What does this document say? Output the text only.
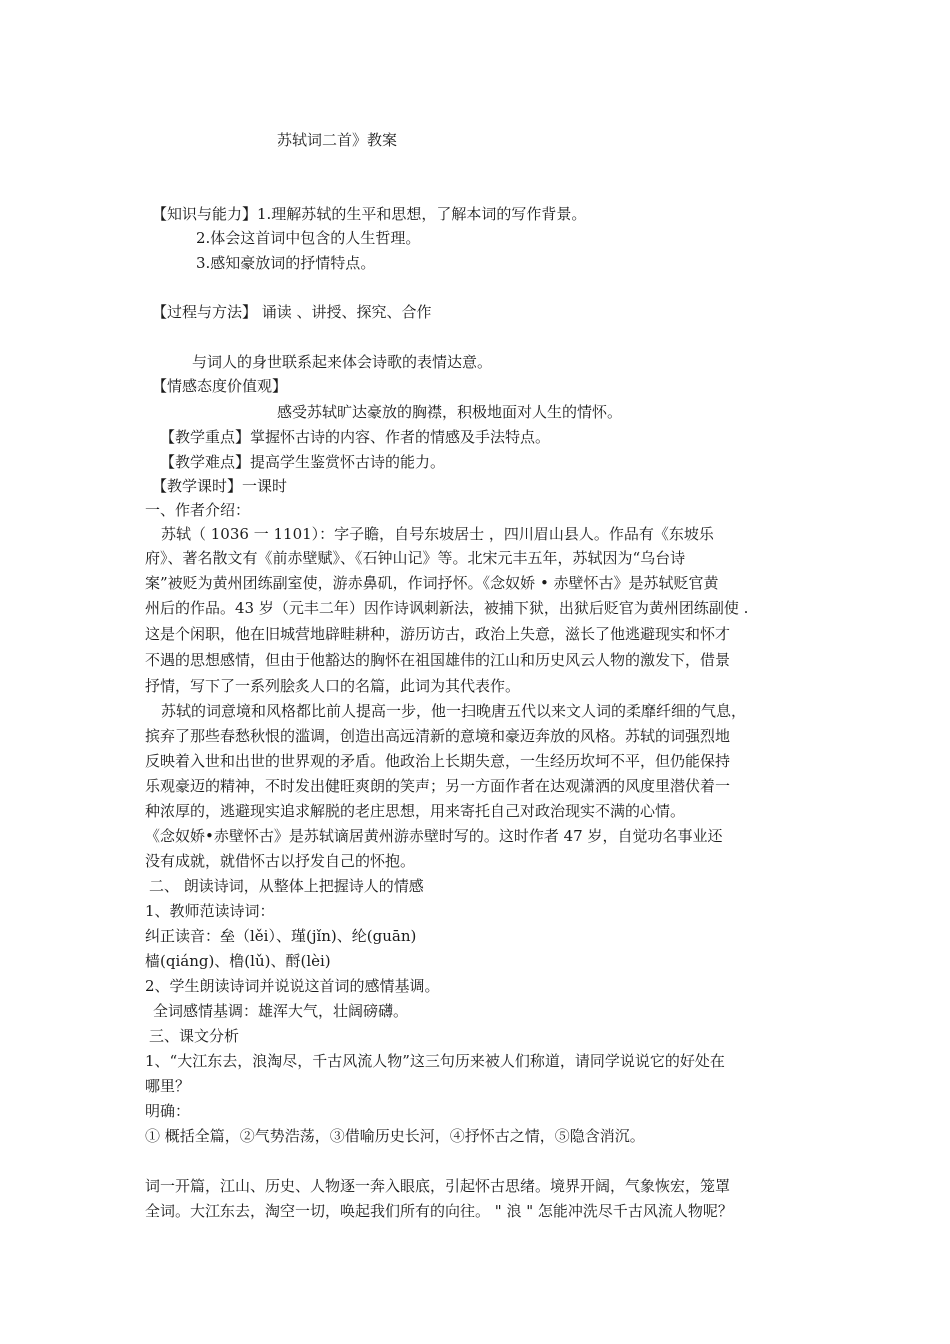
苏轼词二首》教案
【知识与能力】1.理解苏轼的生平和思想，了解本词的写作背景。
2.体会这首词中包含的人生哲理。
3.感知豪放词的抒情特点。
【过程与方法】 诵读 、讲授、探究、合作
与词人的身世联系起来体会诗歌的表情达意。
【情感态度价值观】
感受苏轼旷达豪放的胸襟，积极地面对人生的情怀。
【教学重点】掌握怀古诗的内容、作者的情感及手法特点。
【教学难点】提高学生鉴赏怀古诗的能力。
【教学课时】一课时
一、作者介绍：
苏轼（ 1036 一 1101）：字子瞻，自号东坡居士 ，四川眉山县人。作品有《东坡乐
府》、著名散文有《前赤壁赋》、《石钟山记》等。北宋元丰五年，苏轼因为“乌台诗
案”被贬为黄州团练副室使，游赤鼻矶，作词抒怀。《念奴娇 • 赤壁怀古》是苏轼贬官黄
州后的作品。43 岁（元丰二年）因作诗讽刺新法，被捕下狱，出狱后贬官为黄州团练副使 .
这是个闲职，他在旧城营地辟畦耕种，游历访古，政治上失意，滋长了他逃避现实和怀才
不遇的思想感情，但由于他豁达的胸怀在祖国雄伟的江山和历史风云人物的激发下，借景
抒情，写下了一系列脍炙人口的名篇，此词为其代表作。
苏轼的词意境和风格都比前人提高一步，他一扫晚唐五代以来文人词的柔靡纤细的气息，
摈弃了那些春愁秋恨的滥调，创造出高远清新的意境和豪迈奔放的风格。苏轼的词强烈地
反映着入世和出世的世界观的矛盾。他政治上长期失意，一生经历坎坷不平，但仍能保持
乐观豪迈的精神，不时发出健旺爽朗的笑声；另一方面作者在达观潇洒的风度里潜伏着一
种浓厚的，逃避现实追求解脱的老庄思想，用来寄托自己对政治现实不满的心情。
《念奴娇•赤壁怀古》是苏轼谪居黄州游赤壁时写的。这时作者 47 岁，自觉功名事业还
没有成就，就借怀古以抒发自己的怀抱。
二、 朗读诗词，从整体上把握诗人的情感
1、教师范读诗词：
纠正读音：垒（lěi）、瑾(jǐn)、纶(guān)
樯(qiáng)、橹(lǔ)、酹(lèi)
2、学生朗读诗词并说说这首词的感情基调。
全词感情基调：雄浑大气，壮阔磅礴。
三、课文分析
1、“大江东去，浪淘尽，千古风流人物”这三句历来被人们称道，请同学说说它的好处在
哪里？
明确：
① 概括全篇，②气势浩荡，③借喻历史长河，④抒怀古之情，⑤隐含消沉。
词一开篇，江山、历史、人物逐一奔入眼底，引起怀古思绪。境界开阔，气象恢宏，笼罩
全词。大江东去，淘空一切，唤起我们所有的向往。 " 浪 " 怎能冲洗尽千古风流人物呢？
